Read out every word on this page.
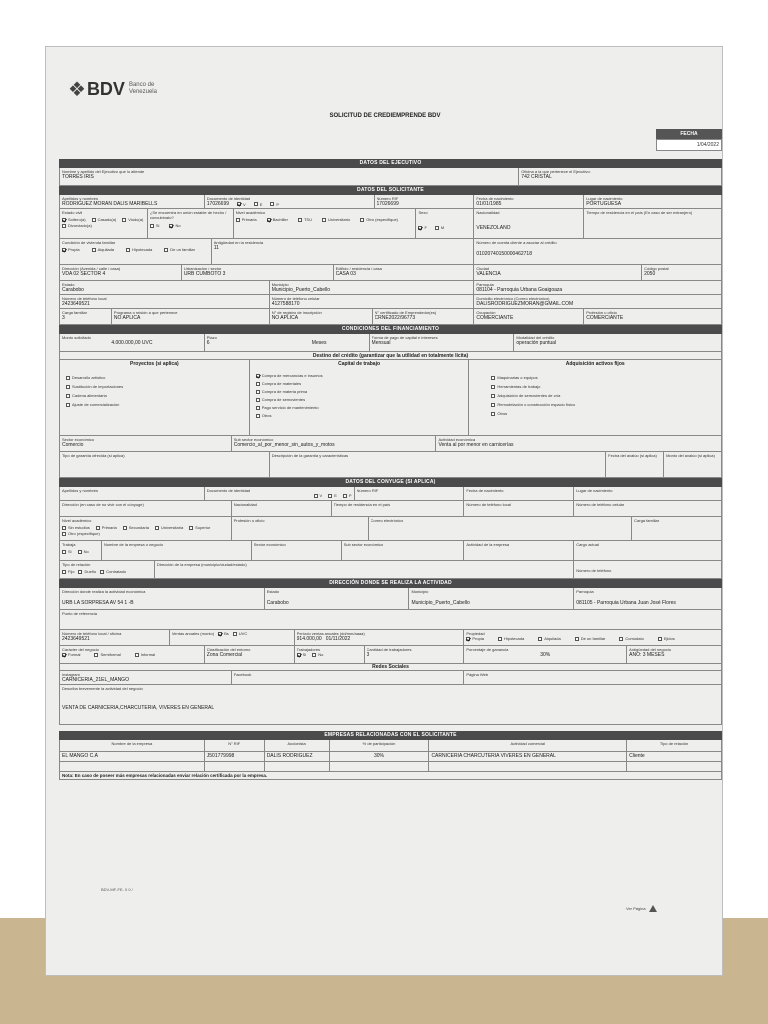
❖ BDV Banco de Venezuela
SOLICITUD DE CREDIEMPRENDE BDV
FECHA
1/04/2022
DATOS DEL EJECUTIVO
Nombre y apellido del Ejecutivo que lo atiende
TORRES IRIS
Oficina a la que pertenece el Ejecutivo:
742 CRISTAL
DATOS DEL SOLICITANTE
Apellidos y nombres
RODRIGUEZ MORAN DALIS MARIBELLS
Documento de identidad
17026699	V	E	P
Número RIF
17026699
Fecha de nacimiento
01/01/1985
Lugar de nacimiento
PORTUGUESA
Estado civil
Soltero(a)	Casado(a)	Viudo(a)
Divorciado(a)
¿Se encuentra en unión estable de hecho / concubinato?
Si	No
Nivel académico
Primaria	Bachiller	TSU	Universitario	Otro (especifique)
Sexo
F	M
Nacionalidad
VENEZOLANO
Tiempo de residencia en el país (En caso de ser extranjero)
Condición de vivienda familiar
Propia	Alquilada	Hipotecada	De un familiar
Antigüedad en la residencia
11
Número de cuenta cliente a asociar al crédito
01020740150000462718
Dirección (Avenida / calle / casa)
VDA 02 SECTOR 4
Urbanización / sector
URB CUMBOTO 3
Edificio / residencia / casa
CASA 03
Ciudad
VALENCIA
Código postal
2050
Estado
Carabobo
Municipio
Municipio_Puerto_Cabello
Parroquia
081104 - Parroquia Urbana Goaigoaza
Número de teléfono local
2423649521
Número de teléfono celular
4127588170
Domicilio electrónico (Correo electrónico)
DALISRODRIGUEZMORAN@GMAIL.COM
Carga familiar
3
Programa o misión a que pertenece
NO APLICA
N° de registro de inscripción
NO APLICA
N° certificado de Emprendedor(es)
CRNE2022/96773
Ocupación
COMERCIANTE
Profesión u oficio
COMERCIANTE
CONDICIONES DEL FINANCIAMIENTO
Monto solicitado
4.000.000,00 UVC
Plazo
6	Meses
Forma de pago de capital e intereses
Mensual
Modalidad del crédito
operación puntual
Destino del crédito (garantizar que la utilidad en totalmente lícita)
Proyectos (si aplica)
Desarrollo artístico
Sustitución de importaciones
Cadena alimentaria
Ajuste de comercialización
Capital de trabajo
Compra de mercancías e insumos
Compra de materiales
Compra de materia prima
Compra de semovientes
Pago servicio de mantenimiento
Otros
Adquisición activos fijos
Maquinarias o equipos
Herramientas de trabajo
Adquisición de semovientes de cría
Remodelación o construcción espacio físico
Otros
Sector económico
Comercio
Sub sector económico
Comercio_al_por_menor_sin_autos_y_motos
Actividad económica
Venta al por menor en carnicerías
Tipo de garantía ofrecida (si aplica)	Descripción de la garantía y características	Fecha del avalúo (si aplica)	Monto del avalúo (si aplica)
DATOS DEL CONYUGE (SI APLICA)
Apellidos y nombres	Documento de identidad
V	E	P
Número RIF	Fecha de nacimiento	Lugar de nacimiento
Dirección (en caso de no vivir con el cónyuge)	Nacionalidad	Tiempo de residencia en el país	Número de teléfono local	Número de teléfono celular
Nivel académico
Sin estudios	Primaria	Secundaria	Universitaria	Superior
Otro (especifique)
Profesión u oficio	Correo electrónico	Carga familiar
Trabaja
Si	No
Nombre de la empresa o negocio	Sector económico	Sub sector económico	Actividad de la empresa	Cargo actual
Tipo de relación
Fijo	Dueño	Contratado
Dirección de la empresa (municipio/ciudad/estado)
Número de teléfono
DIRECCIÓN DONDE SE REALIZA LA ACTIVIDAD
Dirección donde realiza la actividad económica
URB LA SORPRESA AV 54 1 -B
Estado
Carabobo
Municipio
Municipio_Puerto_Cabello
Parroquia
081105 - Parroquia Urbana Juan José Flores
Punto de referencia
Número de teléfono local / oficina
2423649521
Ventas anuales (monto)	Bs	UVC	Período ventas anuales (dd/mm/aaaa)
914.000,00 01/11/2022
Propiedad
Propia	Hipotecada	Alquilada	De un familiar	Comodato	Ejidos
Carácter del negocio
Formal	Semiformal	Informal
Clasificación del entorno
Zona Comercial
Trabajadores
Si	No
Cantidad de trabajadores
3
Porcentaje de ganancia
30%
Antigüedad del negocio
AÑO: 3 MESES
Redes Sociales
Instagram
CARNICERIA_21EL_MANGO
Facebook	Página Web
Describa brevemente la actividad del negocio
VENTA DE CARNICERIA,CHARCUTERIA, VIVERES EN GENERAL
EMPRESAS RELACIONADAS CON EL SOLICITANTE
Nombre de la empresa	N° RIF	Accionista	% de participación	Actividad comercial	Tipo de relación
EL MANGO C.A	J501779998	DALIS RODRIGUEZ	30%	CARNICERIA CHARCUTERIA VIVERES EN GENERAL	Cliente
Nota: En caso de poseer más empresas relacionadas enviar relación certificada por la empresa.
BDV-MF-FE- 0 0 /
Ver Página
